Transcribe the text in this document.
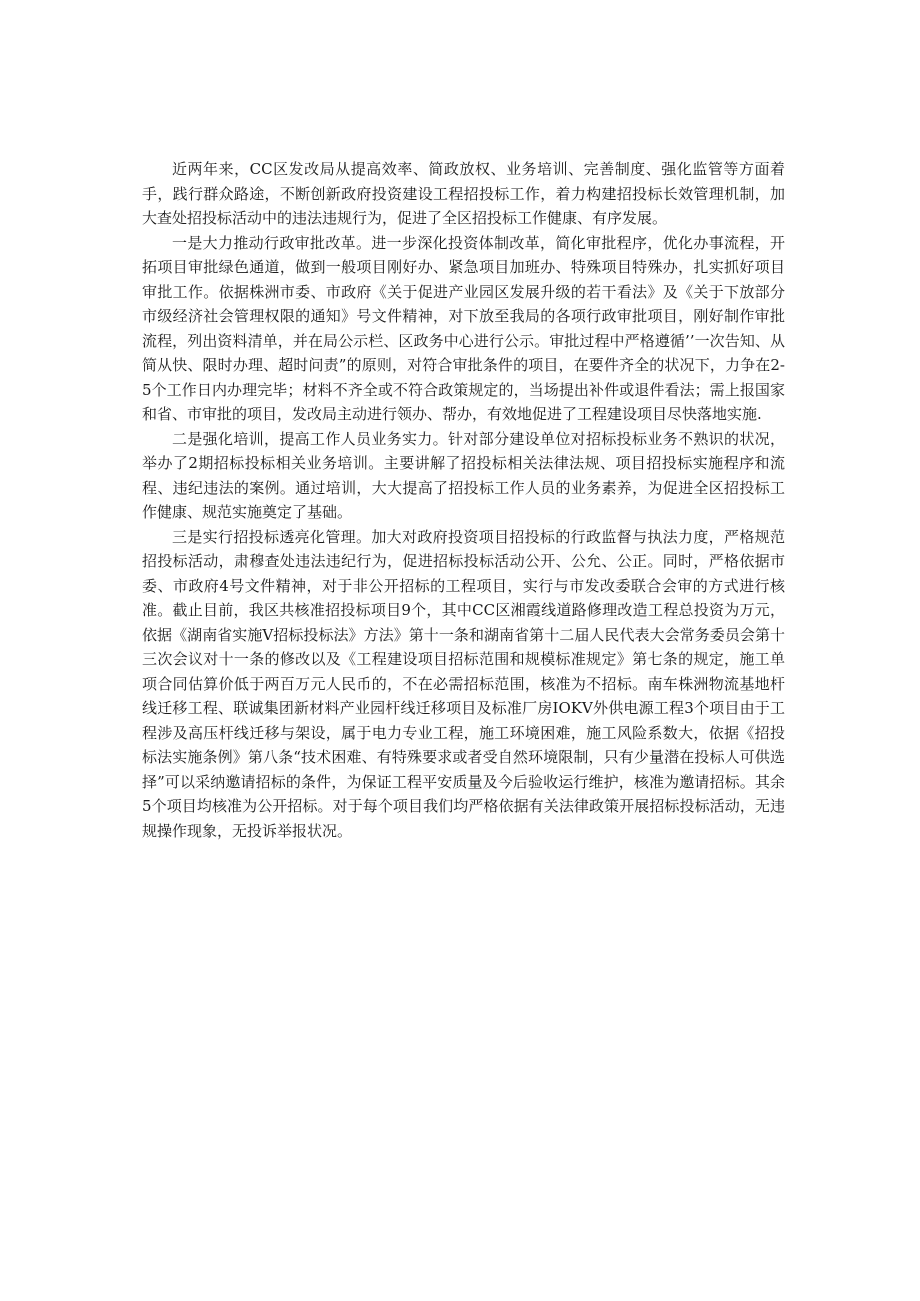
近两年来，CC区发改局从提高效率、简政放权、业务培训、完善制度、强化监管等方面着手，践行群众路途，不断创新政府投资建设工程招投标工作，着力构建招投标长效管理机制，加大查处招投标活动中的违法违规行为，促进了全区招投标工作健康、有序发展。

一是大力推动行政审批改革。进一步深化投资体制改革，简化审批程序，优化办事流程，开拓项目审批绿色通道，做到一般项目刚好办、紧急项目加班办、特殊项目特殊办，扎实抓好项目审批工作。依据株洲市委、市政府《关于促进产业园区发展升级的若干看法》及《关于下放部分市级经济社会管理权限的通知》号文件精神，对下放至我局的各项行政审批项目，刚好制作审批流程，列出资料清单，并在局公示栏、区政务中心进行公示。审批过程中严格遵循’’一次告知、从简从快、限时办理、超时问责”的原则，对符合审批条件的项目，在要件齐全的状况下，力争在2-5个工作日内办理完毕；材料不齐全或不符合政策规定的，当场提出补件或退件看法；需上报国家和省、市审批的项目，发改局主动进行领办、帮办，有效地促进了工程建设项目尽快落地实施.

二是强化培训，提高工作人员业务实力。针对部分建设单位对招标投标业务不熟识的状况，举办了2期招标投标相关业务培训。主要讲解了招投标相关法律法规、项目招投标实施程序和流程、违纪违法的案例。通过培训，大大提高了招投标工作人员的业务素养，为促进全区招投标工作健康、规范实施奠定了基础。

三是实行招投标透亮化管理。加大对政府投资项目招投标的行政监督与执法力度，严格规范招投标活动，肃穆查处违法违纪行为，促进招标投标活动公开、公允、公正。同时，严格依据市委、市政府4号文件精神，对于非公开招标的工程项目，实行与市发改委联合会审的方式进行核准。截止目前，我区共核准招投标项目9个，其中CC区湘霞线道路修理改造工程总投资为万元，依据《湖南省实施Ⅴ招标投标法》方法》第十一条和湖南省第十二届人民代表大会常务委员会第十三次会议对十一条的修改以及《工程建设项目招标范围和规模标准规定》第七条的规定，施工单项合同估算价低于两百万元人民币的，不在必需招标范围，核准为不招标。南车株洲物流基地杆线迁移工程、联诚集团新材料产业园杆线迁移项目及标准厂房IOKV外供电源工程3个项目由于工程涉及高压杆线迁移与架设，属于电力专业工程，施工环境困难，施工风险系数大，依据《招投标法实施条例》第八条“技术困难、有特殊要求或者受自然环境限制，只有少量潜在投标人可供选择”可以采纳邀请招标的条件，为保证工程平安质量及今后验收运行维护，核准为邀请招标。其余5个项目均核准为公开招标。对于每个项目我们均严格依据有关法律政策开展招标投标活动，无违规操作现象，无投诉举报状况。
